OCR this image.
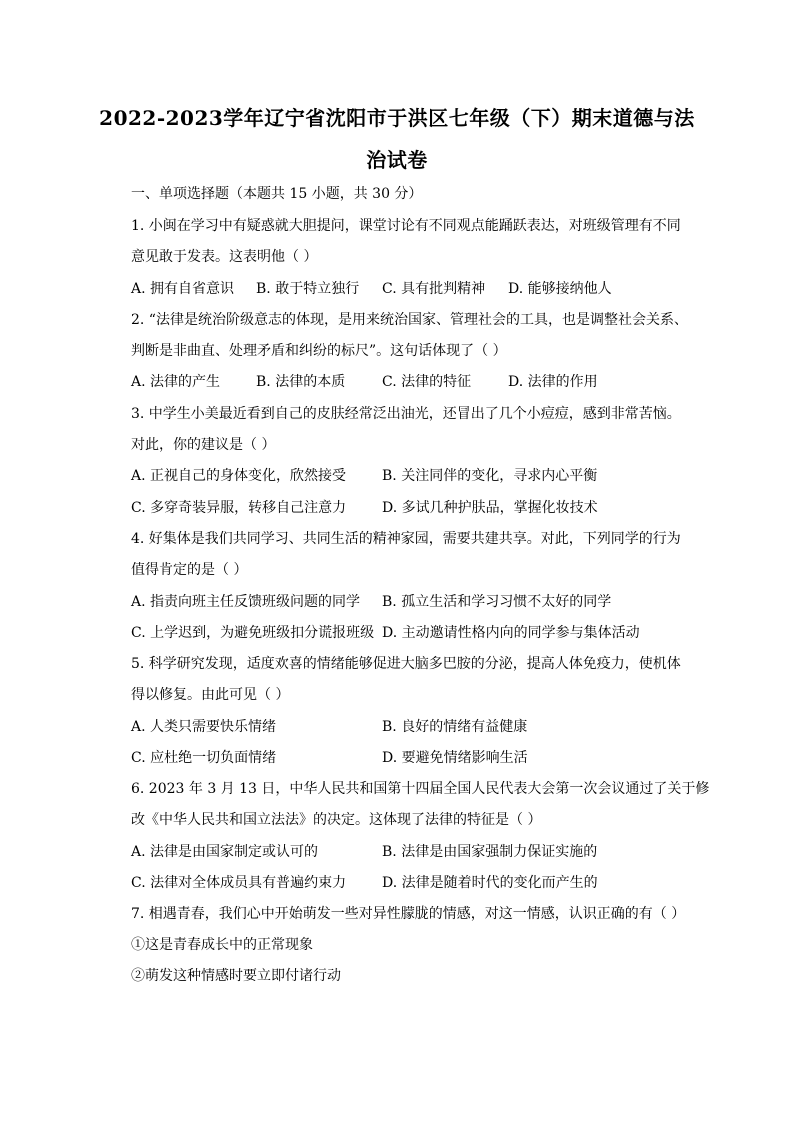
2022-2023学年辽宁省沈阳市于洪区七年级（下）期末道德与法
治试卷
一、单项选择题（本题共 15 小题，共 30 分）
1. 小闽在学习中有疑惑就大胆提问，课堂讨论有不同观点能踊跃表达，对班级管理有不同
意见敢于发表。这表明他（ ）
A. 拥有自省意识 B. 敢于特立独行 C. 具有批判精神 D. 能够接纳他人
2. “法律是统治阶级意志的体现，是用来统治国家、管理社会的工具，也是调整社会关系、
判断是非曲直、处理矛盾和纠纷的标尺”。这句话体现了（ ）
A. 法律的产生	B. 法律的本质	C. 法律的特征	D. 法律的作用
3. 中学生小美最近看到自己的皮肤经常泛出油光，还冒出了几个小痘痘，感到非常苦恼。
对此，你的建议是（ ）
A. 正视自己的身体变化，欣然接受	B. 关注同伴的变化，寻求内心平衡
C. 多穿奇装异服，转移自己注意力	D. 多试几种护肤品，掌握化妆技术
4. 好集体是我们共同学习、共同生活的精神家园，需要共建共享。对此，下列同学的行为
值得肯定的是（ ）
A. 指责向班主任反馈班级问题的同学 B. 孤立生活和学习习惯不太好的同学
C. 上学迟到，为避免班级扣分谎报班级 D. 主动邀请性格内向的同学参与集体活动
5. 科学研究发现，适度欢喜的情绪能够促进大脑多巴胺的分泌，提高人体免疫力，使机体
得以修复。由此可见（ ）
A. 人类只需要快乐情绪	B. 良好的情绪有益健康
C. 应杜绝一切负面情绪	D. 要避免情绪影响生活
6. 2023 年 3 月 13 日，中华人民共和国第十四届全国人民代表大会第一次会议通过了关于修
改《中华人民共和国立法法》的决定。这体现了法律的特征是（ ）
A. 法律是由国家制定或认可的	B. 法律是由国家强制力保证实施的
C. 法律对全体成员具有普遍约束力	D. 法律是随着时代的变化而产生的
7. 相遇青春，我们心中开始萌发一些对异性朦胧的情感，对这一情感，认识正确的有（ ）
①这是青春成长中的正常现象
②萌发这种情感时要立即付诸行动
